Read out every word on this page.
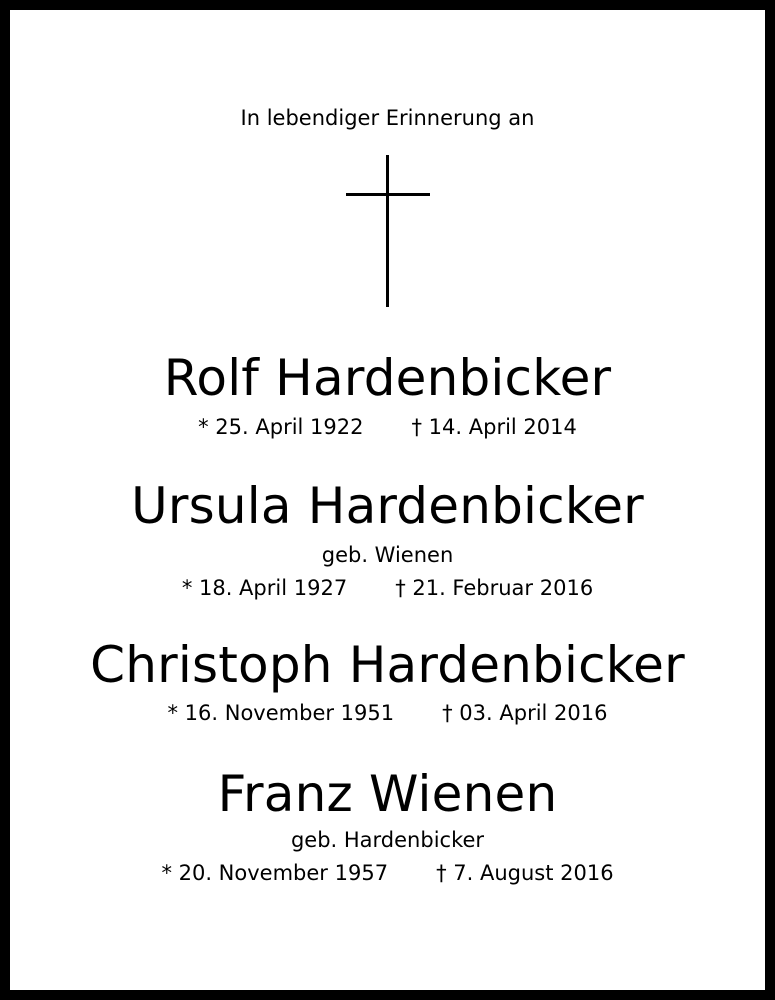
In lebendiger Erinnerung an
Rolf Hardenbicker
* 25. April 1922 † 14. April 2014
Ursula Hardenbicker
geb. Wienen
* 18. April 1927 † 21. Februar 2016
Christoph Hardenbicker
* 16. November 1951 † 03. April 2016
Franz Wienen
geb. Hardenbicker
* 20. November 1957 † 7. August 2016
